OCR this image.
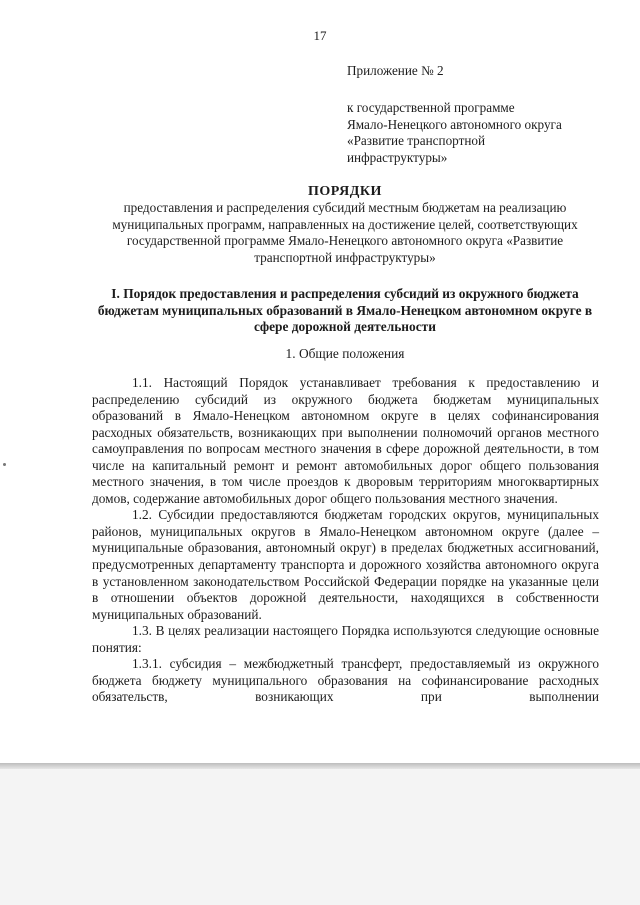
17
Приложение № 2
к государственной программе
Ямало-Ненецкого автономного округа
«Развитие транспортной
инфраструктуры»
ПОРЯДКИ
предоставления и распределения субсидий местным бюджетам на реализацию муниципальных программ, направленных на достижение целей, соответствующих государственной программе Ямало-Ненецкого автономного округа «Развитие транспортной инфраструктуры»
I. Порядок предоставления и распределения субсидий из окружного бюджета бюджетам муниципальных образований в Ямало-Ненецком автономном округе в сфере дорожной деятельности
1. Общие положения

1.1. Настоящий Порядок устанавливает требования к предоставлению и распределению субсидий из окружного бюджета бюджетам муниципальных образований в Ямало-Ненецком автономном округе в целях софинансирования расходных обязательств, возникающих при выполнении полномочий органов местного самоуправления по вопросам местного значения в сфере дорожной деятельности, в том числе на капитальный ремонт и ремонт автомобильных дорог общего пользования местного значения, в том числе проездов к дворовым территориям многоквартирных домов, содержание автомобильных дорог общего пользования местного значения.

1.2. Субсидии предоставляются бюджетам городских округов, муниципальных районов, муниципальных округов в Ямало-Ненецком автономном округе (далее – муниципальные образования, автономный округ) в пределах бюджетных ассигнований, предусмотренных департаменту транспорта и дорожного хозяйства автономного округа в установленном законодательством Российской Федерации порядке на указанные цели в отношении объектов дорожной деятельности, находящихся в собственности муниципальных образований.

1.3. В целях реализации настоящего Порядка используются следующие основные понятия:

1.3.1. субсидия – межбюджетный трансферт, предоставляемый из окружного бюджета бюджету муниципального образования на софинансирование расходных обязательств, возникающих при выполнении
